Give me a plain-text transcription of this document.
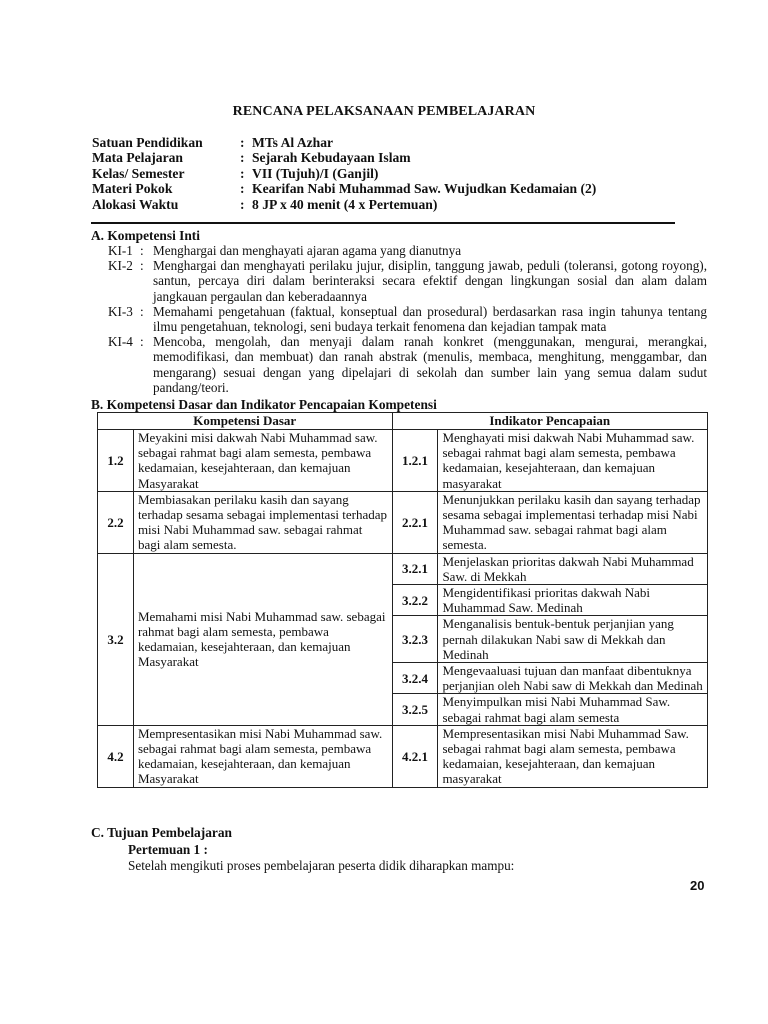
RENCANA PELAKSANAAN PEMBELAJARAN
Satuan Pendidikan	: MTs Al Azhar
Mata Pelajaran	: Sejarah Kebudayaan Islam
Kelas/ Semester	: VII (Tujuh)/I (Ganjil)
Materi Pokok	: Kearifan Nabi Muhammad Saw. Wujudkan Kedamaian (2)
Alokasi Waktu	: 8 JP x 40 menit (4 x Pertemuan)
A. Kompetensi Inti
KI-1 : Menghargai dan menghayati ajaran agama yang dianutnya
KI-2 : Menghargai dan menghayati perilaku jujur, disiplin, tanggung jawab, peduli (toleransi, gotong royong), santun, percaya diri dalam berinteraksi secara efektif dengan lingkungan sosial dan alam dalam jangkauan pergaulan dan keberadaannya
KI-3 : Memahami pengetahuan (faktual, konseptual dan prosedural) berdasarkan rasa ingin tahunya tentang ilmu pengetahuan, teknologi, seni budaya terkait fenomena dan kejadian tampak mata
KI-4 : Mencoba, mengolah, dan menyaji dalam ranah konkret (menggunakan, mengurai, merangkai, memodifikasi, dan membuat) dan ranah abstrak (menulis, membaca, menghitung, menggambar, dan mengarang) sesuai dengan yang dipelajari di sekolah dan sumber lain yang semua dalam sudut pandang/teori.
B. Kompetensi Dasar dan Indikator Pencapaian Kompetensi
Kompetensi Dasar		Indikator Pencapaian	
1.2	Meyakini misi dakwah Nabi Muhammad saw. sebagai rahmat bagi alam semesta, pembawa kedamaian, kesejahteraan, dan kemajuan Masyarakat	1.2.1	Menghayati misi dakwah Nabi Muhammad saw. sebagai rahmat bagi alam semesta, pembawa kedamaian, kesejahteraan, dan kemajuan masyarakat
2.2	Membiasakan perilaku kasih dan sayang terhadap sesama sebagai implementasi terhadap misi Nabi Muhammad saw. sebagai rahmat bagi alam semesta.	2.2.1	Menunjukkan perilaku kasih dan sayang terhadap sesama sebagai implementasi terhadap misi Nabi Muhammad saw. sebagai rahmat bagi alam semesta.
3.2	Memahami misi Nabi Muhammad saw. sebagai rahmat bagi alam semesta, pembawa kedamaian, kesejahteraan, dan kemajuan Masyarakat	3.2.1	Menjelaskan prioritas dakwah Nabi Muhammad Saw. di Mekkah
		3.2.2	Mengidentifikasi prioritas dakwah Nabi Muhammad Saw. Medinah
		3.2.3	Menganalisis bentuk-bentuk perjanjian yang pernah dilakukan Nabi saw di Mekkah dan Medinah
		3.2.4	Mengevaaluasi tujuan dan manfaat dibentuknya perjanjian oleh Nabi saw di Mekkah dan Medinah
		3.2.5	Menyimpulkan misi Nabi Muhammad Saw. sebagai rahmat bagi alam semesta
4.2	Mempresentasikan misi Nabi Muhammad saw. sebagai rahmat bagi alam semesta, pembawa kedamaian, kesejahteraan, dan kemajuan Masyarakat	4.2.1	Mempresentasikan misi Nabi Muhammad Saw. sebagai rahmat bagi alam semesta, pembawa kedamaian, kesejahteraan, dan kemajuan masyarakat
C. Tujuan Pembelajaran
Pertemuan 1 :
Setelah mengikuti proses pembelajaran peserta didik diharapkan mampu:
20
